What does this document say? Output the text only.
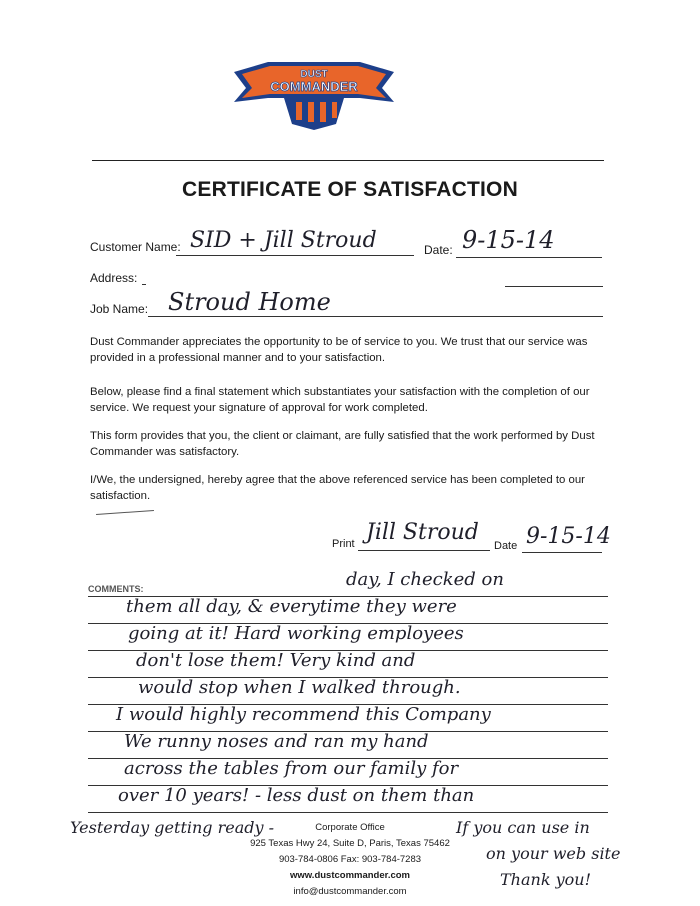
DUST
COMMANDER
CERTIFICATE OF SATISFACTION
Customer Name: SID + Jill Stroud	Date: 9-15-14
Address:
Job Name: Stroud Home
Dust Commander appreciates the opportunity to be of service to you. We trust that our service was provided in a professional manner and to your satisfaction.
Below, please find a final statement which substantiates your satisfaction with the completion of our service. We request your signature of approval for work completed.
This form provides that you, the client or claimant, are fully satisfied that the work performed by Dust Commander was satisfactory.
I/We, the undersigned, hereby agree that the above referenced service has been completed to our satisfaction.
Print Jill Stroud
Date 9-15-14
COMMENTS:	day, I checked on
them all day, & everytime they were
going at it! Hard working employees
don't lose them! Very kind and
would stop when I walked through.
I would highly recommend this Company
We runny noses and ran my hand
across the tables from our family for
over 10 years! - less dust on them than
Yesterday getting ready -	If you can use in
on your web site
Thank you!
Corporate Office
925 Texas Hwy 24, Suite D, Paris, Texas 75462
903-784-0806 Fax: 903-784-7283
www.dustcommander.com
info@dustcommander.com
